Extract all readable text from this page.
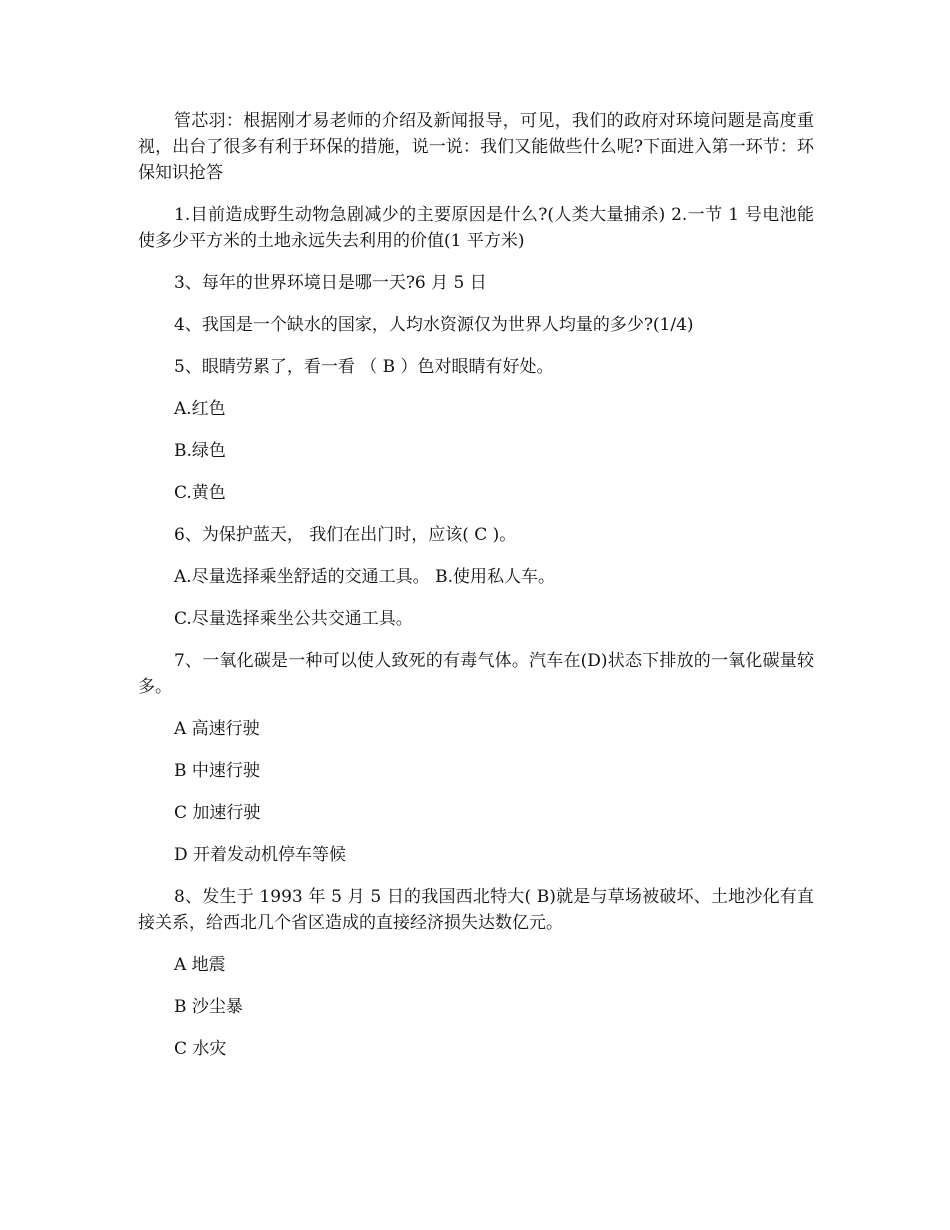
管芯羽：根据刚才易老师的介绍及新闻报导，可见，我们的政府对环境问题是高度重视，出台了很多有利于环保的措施，说一说：我们又能做些什么呢?下面进入第一环节：环保知识抢答

1.目前造成野生动物急剧减少的主要原因是什么?(人类大量捕杀) 2.一节 1 号电池能使多少平方米的土地永远失去利用的价值(1 平方米)

3、每年的世界环境日是哪一天?6 月 5 日

4、我国是一个缺水的国家，人均水资源仅为世界人均量的多少?(1/4)

5、眼睛劳累了，看一看 （ B ）色对眼睛有好处。

A.红色

B.绿色

C.黄色

6、为保护蓝天， 我们在出门时，应该( C )。

A.尽量选择乘坐舒适的交通工具。 B.使用私人车。

C.尽量选择乘坐公共交通工具。

7、一氧化碳是一种可以使人致死的有毒气体。汽车在(D)状态下排放的一氧化碳量较多。

A 高速行驶

B 中速行驶

C 加速行驶

D 开着发动机停车等候

8、发生于 1993 年 5 月 5 日的我国西北特大( B)就是与草场被破坏、土地沙化有直接关系，给西北几个省区造成的直接经济损失达数亿元。

A 地震

B 沙尘暴

C 水灾
